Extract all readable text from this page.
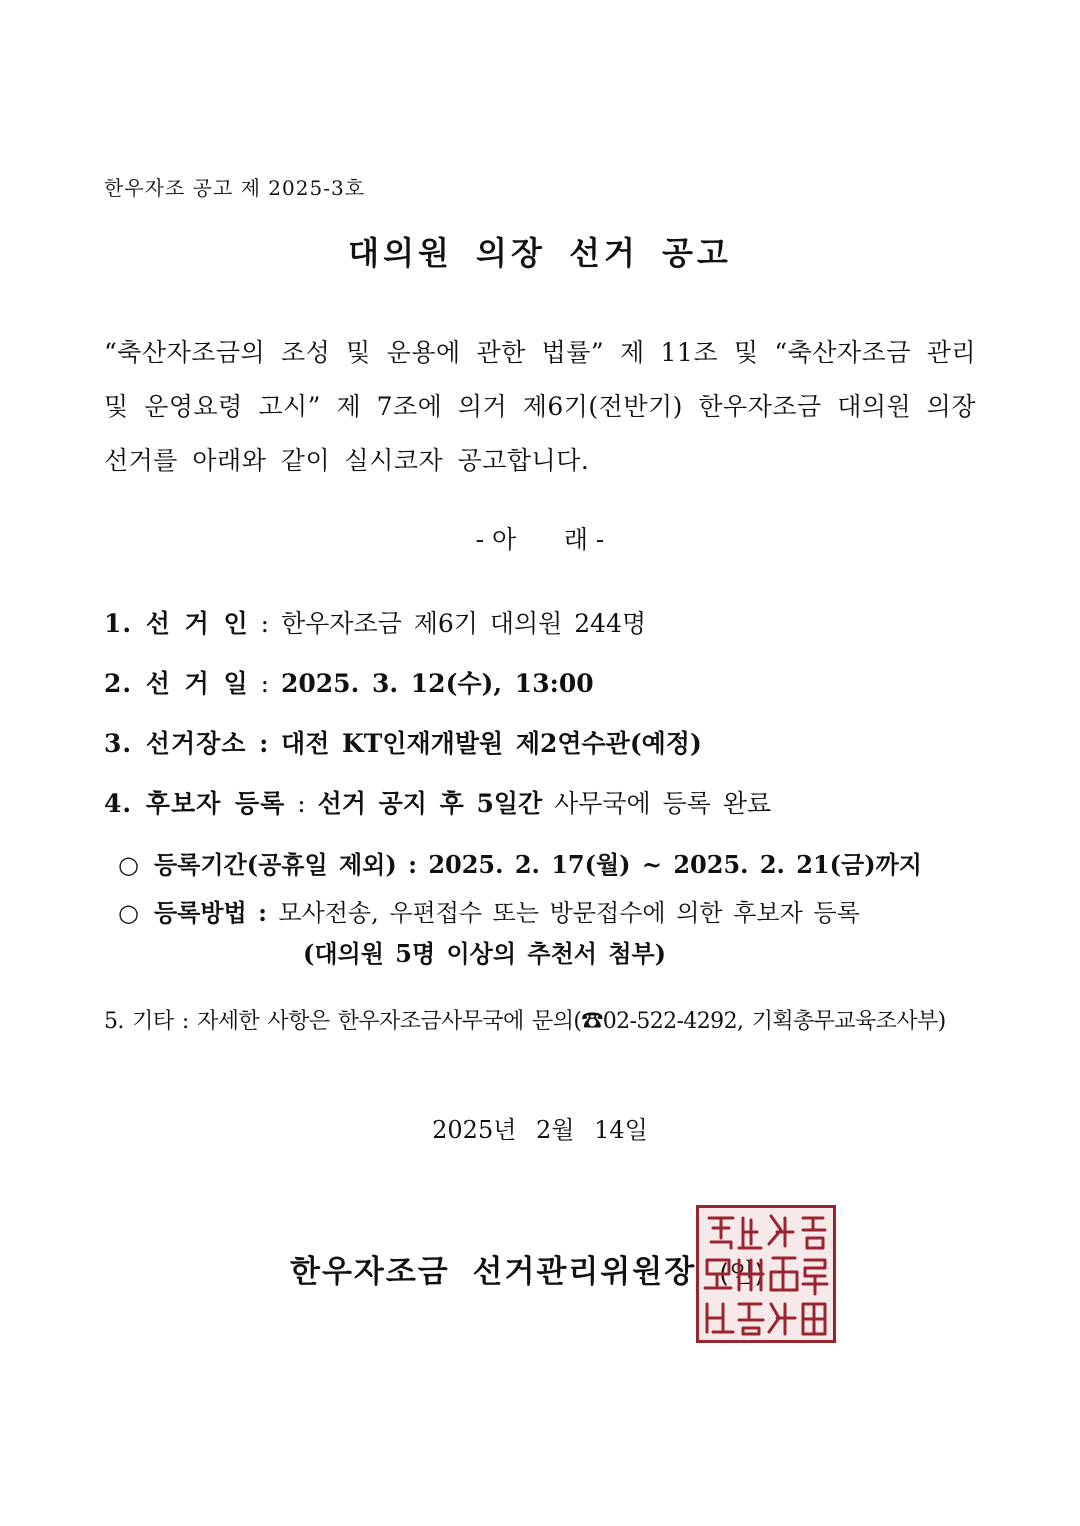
한우자조 공고 제 2025-3호
대의원 의장 선거 공고
“축산자조금의 조성 및 운용에 관한 법률” 제 11조 및 “축산자조금 관리 및 운영요령 고시” 제 7조에 의거 제6기(전반기) 한우자조금 대의원 의장 선거를 아래와 같이 실시코자 공고합니다.
- 아      래 -
1. 선 거 인 : 한우자조금 제6기 대의원 244명
2. 선 거 일 : 2025. 3. 12(수), 13:00
3. 선거장소 : 대전 KT인재개발원 제2연수관(예정)
4. 후보자 등록 : 선거 공지 후 5일간 사무국에 등록 완료
○ 등록기간(공휴일 제외) : 2025. 2. 17(월) ~ 2025. 2. 21(금)까지
○ 등록방법 : 모사전송, 우편접수 또는 방문접수에 의한 후보자 등록
(대의원 5명 이상의 추천서 첨부)
5. 기타 : 자세한 사항은 한우자조금사무국에 문의(☎02-522-4292, 기획총무교육조사부)
2025년 2월 14일
한우자조금 선거관리위원장 (인)
